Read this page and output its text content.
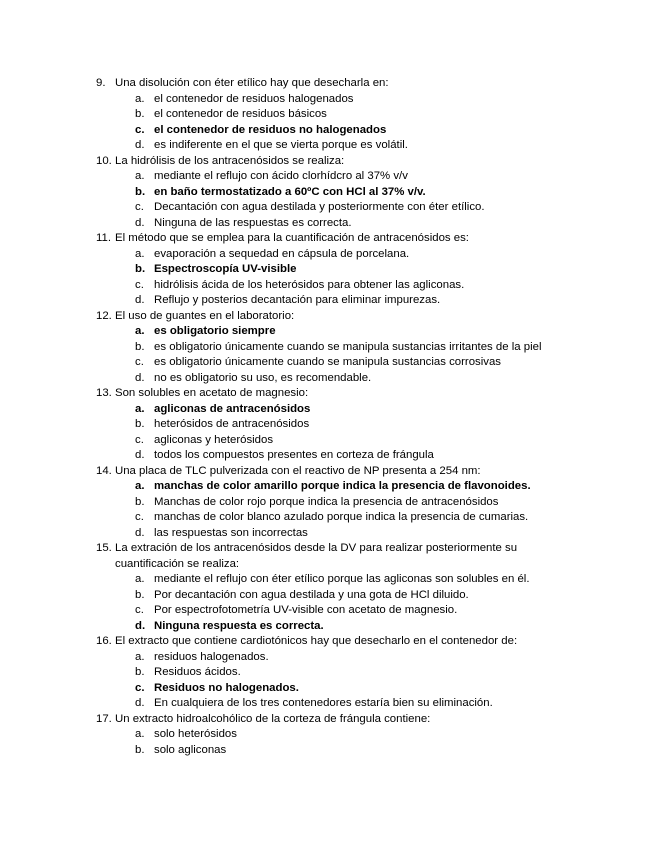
9. Una disolución con éter etílico hay que desecharla en:
a. el contenedor de residuos halogenados
b. el contenedor de residuos básicos
c. el contenedor de residuos no halogenados
d. es indiferente en el que se vierta porque es volátil.
10. La hidrólisis de los antracenósidos se realiza:
a. mediante el reflujo con ácido clorhídcro al 37% v/v
b. en baño termostatizado a 60ºC con HCl al 37% v/v.
c. Decantación con agua destilada y posteriormente con éter etílico.
d. Ninguna de las respuestas es correcta.
11. El método que se emplea para la cuantificación de antracenósidos es:
a. evaporación a sequedad en cápsula de porcelana.
b. Espectroscopía UV-visible
c. hidrólisis ácida de los heterósidos para obtener las agliconas.
d. Reflujo y posterios decantación para eliminar impurezas.
12. El uso de guantes en el laboratorio:
a. es obligatorio siempre
b. es obligatorio únicamente cuando se manipula sustancias irritantes de la piel
c. es obligatorio únicamente cuando se manipula sustancias corrosivas
d. no es obligatorio su uso, es recomendable.
13. Son solubles en acetato de magnesio:
a. agliconas de antracenósidos
b. heterósidos de antracenósidos
c. agliconas y heterósidos
d. todos los compuestos presentes en corteza de frángula
14. Una placa de TLC pulverizada con el reactivo de NP presenta a 254 nm:
a. manchas de color amarillo porque indica la presencia de flavonoides.
b. Manchas de color rojo porque indica la presencia de antracenósidos
c. manchas de color blanco azulado porque indica la presencia de cumarias.
d. las respuestas son incorrectas
15. La extración de los antracenósidos desde la DV para realizar posteriormente su
cuantificación se realiza:
a. mediante el reflujo con éter etílico porque las agliconas son solubles en él.
b. Por decantación con agua destilada y una gota de HCl diluido.
c. Por espectrofotometría UV-visible con acetato de magnesio.
d. Ninguna respuesta es correcta.
16. El extracto que contiene cardiotónicos hay que desecharlo en el contenedor de:
a. residuos halogenados.
b. Residuos ácidos.
c. Residuos no halogenados.
d. En cualquiera de los tres contenedores estaría bien su eliminación.
17. Un extracto hidroalcohólico de la corteza de frángula contiene:
a. solo heterósidos
b. solo agliconas
